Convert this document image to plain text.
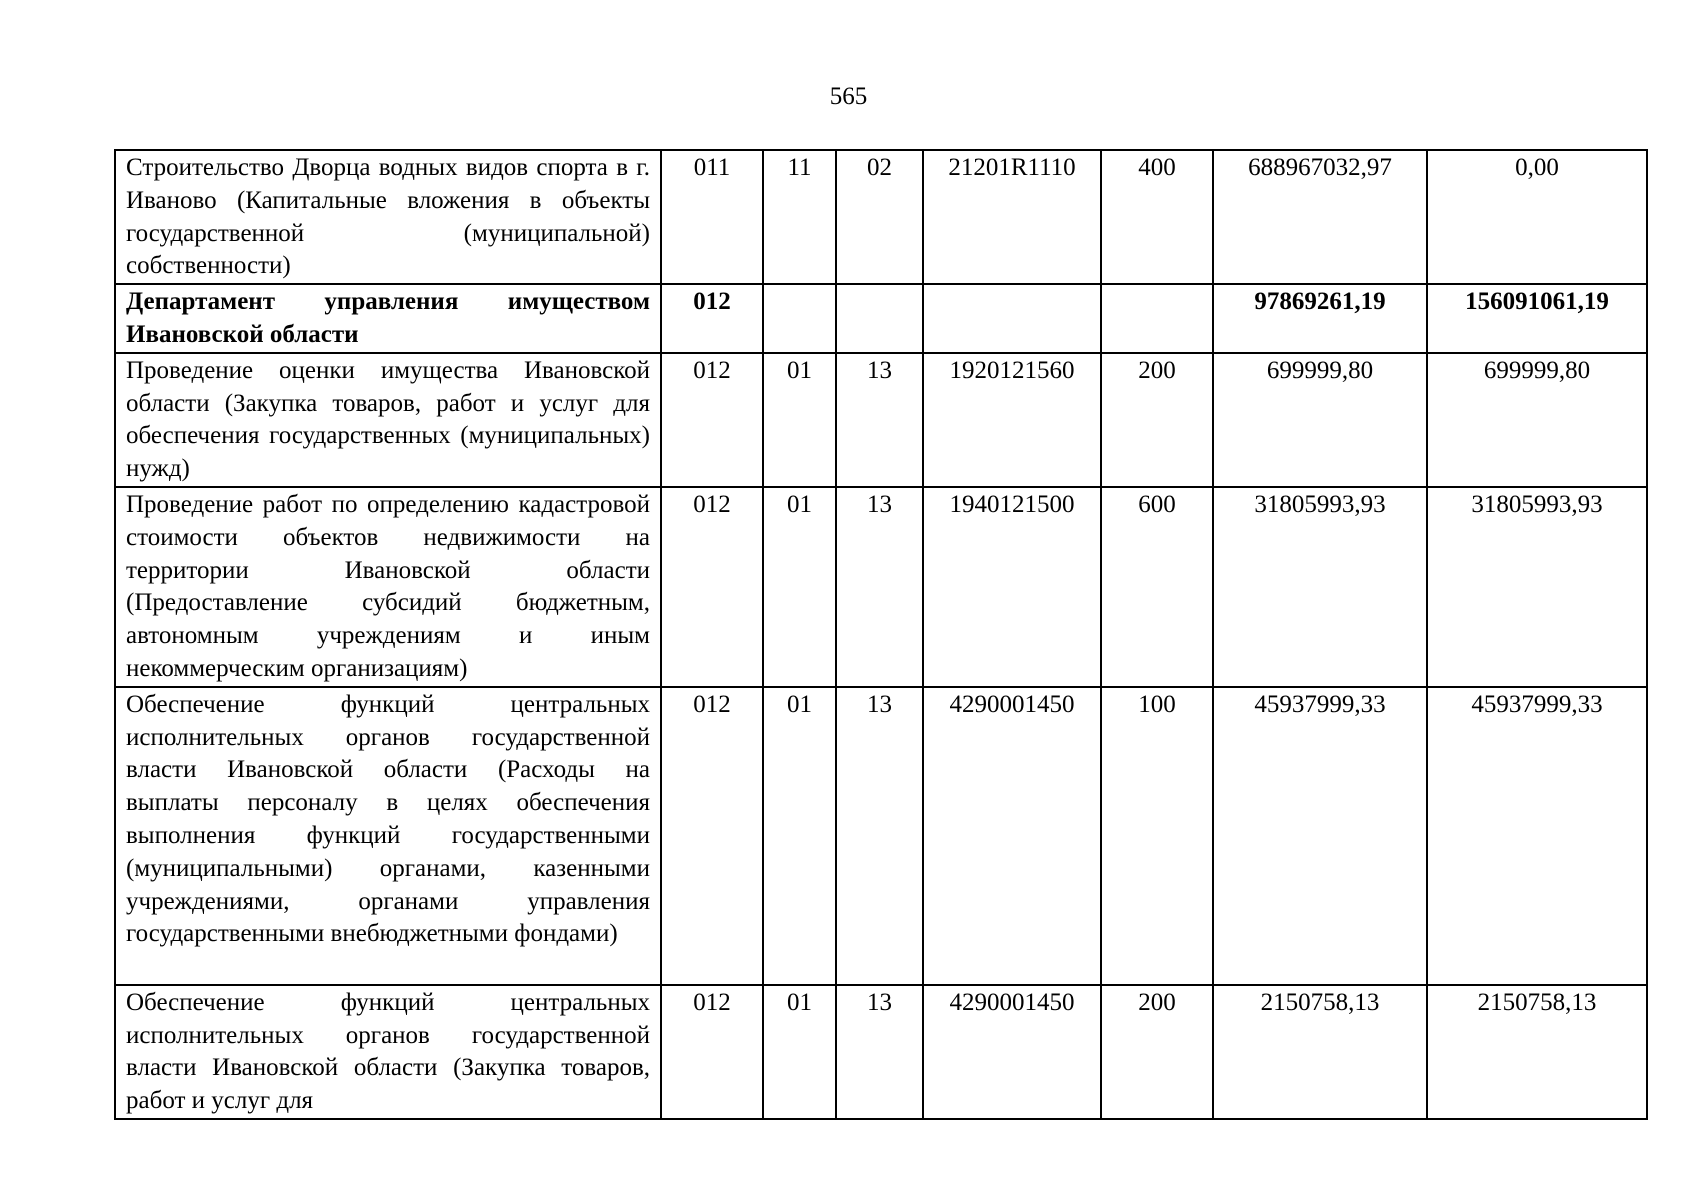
565
Строительство Дворца водных видов спорта в г. Иваново (Капитальные вложения в объекты государственной (муниципальной) собственности)	011	11	02	21201R1110	400	688967032,97	0,00
Департамент управления имуществом Ивановской области	012					97869261,19	156091061,19
Проведение оценки имущества Ивановской области (Закупка товаров, работ и услуг для обеспечения государственных (муниципальных) нужд)	012	01	13	1920121560	200	699999,80	699999,80
Проведение работ по определению кадастровой стоимости объектов недвижимости на территории Ивановской области (Предоставление субсидий бюджетным, автономным учреждениям и иным некоммерческим организациям)	012	01	13	1940121500	600	31805993,93	31805993,93
Обеспечение функций центральных исполнительных органов государственной власти Ивановской области (Расходы на выплаты персоналу в целях обеспечения выполнения функций государственными (муниципальными) органами, казенными учреждениями, органами управления государственными внебюджетными фондами)	012	01	13	4290001450	100	45937999,33	45937999,33
Обеспечение функций центральных исполнительных органов государственной власти Ивановской области (Закупка товаров, работ и услуг для	012	01	13	4290001450	200	2150758,13	2150758,13
